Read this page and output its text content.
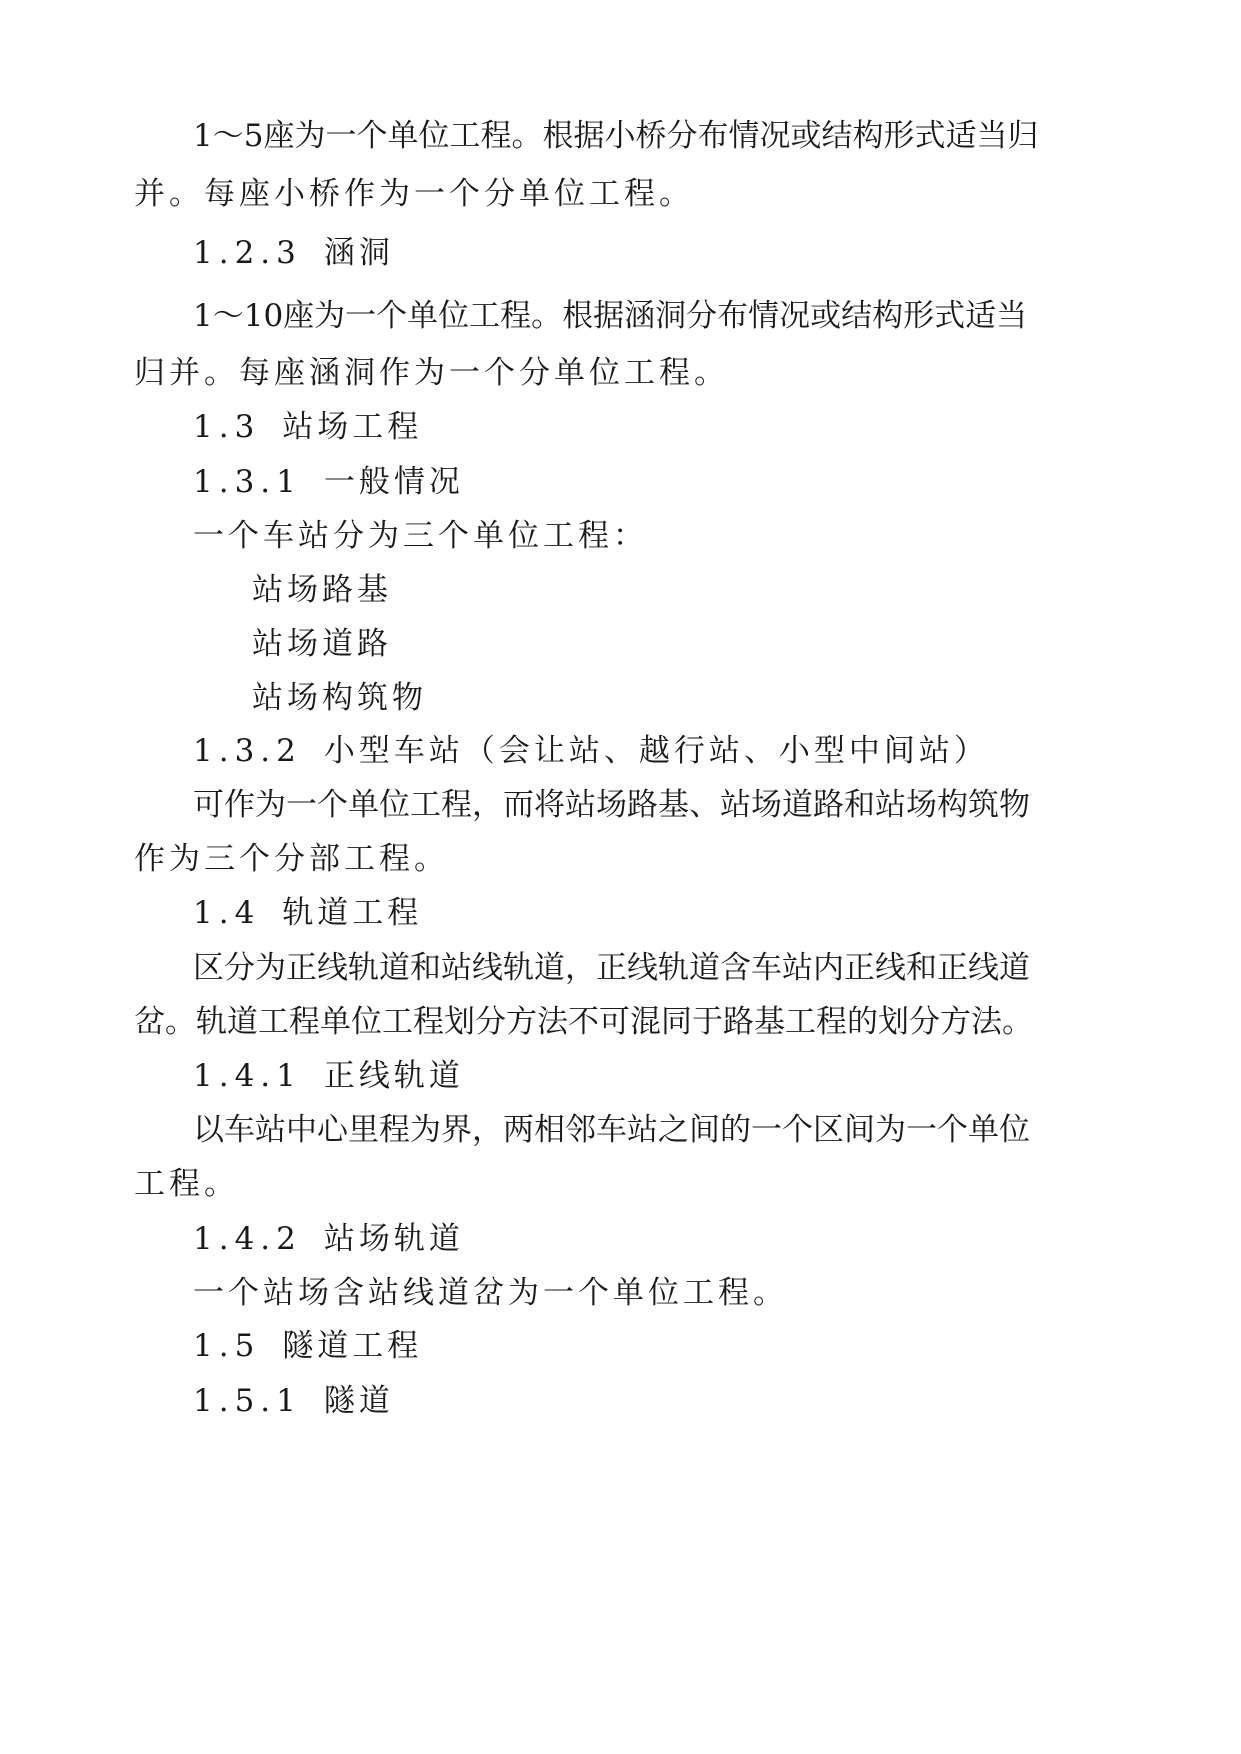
1～5座为一个单位工程。根据小桥分布情况或结构形式适当归
并。每座小桥作为一个分单位工程。
1.2.3 涵洞
1～10座为一个单位工程。根据涵洞分布情况或结构形式适当
归并。每座涵洞作为一个分单位工程。
1.3 站场工程
1.3.1 一般情况
一个车站分为三个单位工程：
站场路基
站场道路
站场构筑物
1.3.2 小型车站（会让站、越行站、小型中间站）
可作为一个单位工程，而将站场路基、站场道路和站场构筑物
作为三个分部工程。
1.4 轨道工程
区分为正线轨道和站线轨道，正线轨道含车站内正线和正线道
岔。轨道工程单位工程划分方法不可混同于路基工程的划分方法。
1.4.1 正线轨道
以车站中心里程为界，两相邻车站之间的一个区间为一个单位
工程。
1.4.2 站场轨道
一个站场含站线道岔为一个单位工程。
1.5 隧道工程
1.5.1 隧道
